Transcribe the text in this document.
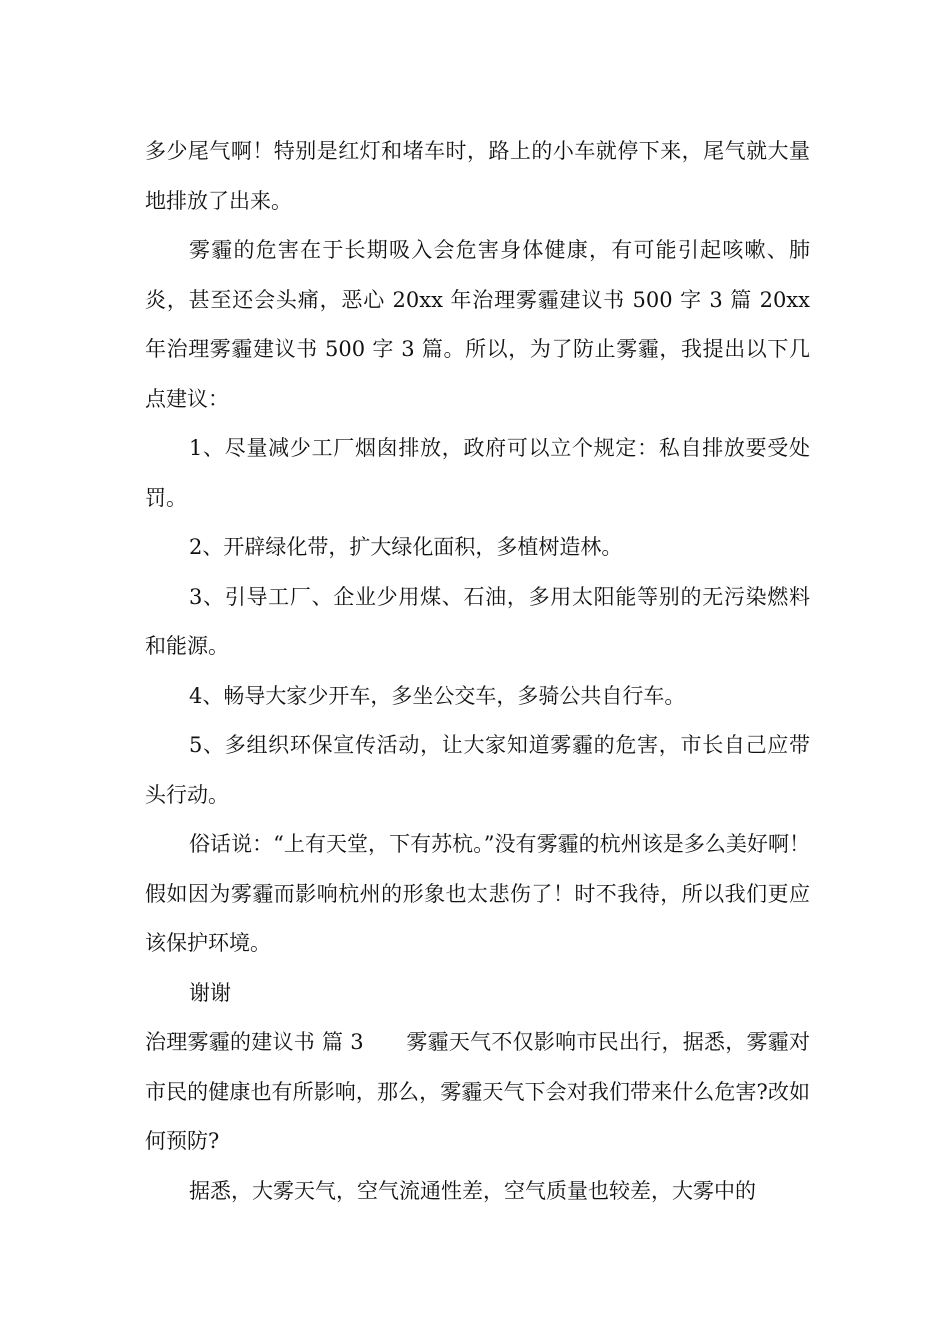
多少尾气啊！特别是红灯和堵车时，路上的小车就停下来，尾气就大量地排放了出来。

雾霾的危害在于长期吸入会危害身体健康，有可能引起咳嗽、肺炎，甚至还会头痛，恶心 20xx 年治理雾霾建议书 500 字 3 篇 20xx 年治理雾霾建议书 500 字 3 篇。所以，为了防止雾霾，我提出以下几点建议：

1、尽量减少工厂烟囱排放，政府可以立个规定：私自排放要受处罚。

2、开辟绿化带，扩大绿化面积，多植树造林。

3、引导工厂、企业少用煤、石油，多用太阳能等别的无污染燃料和能源。

4、畅导大家少开车，多坐公交车，多骑公共自行车。

5、多组织环保宣传活动，让大家知道雾霾的危害，市长自己应带头行动。

俗话说：“上有天堂，下有苏杭。”没有雾霾的杭州该是多么美好啊！假如因为雾霾而影响杭州的形象也太悲伤了！时不我待，所以我们更应该保护环境。

谢谢

治理雾霾的建议书 篇 3　　 雾霾天气不仅影响市民出行，据悉，雾霾对市民的健康也有所影响，那么，雾霾天气下会对我们带来什么危害?改如何预防?

据悉，大雾天气，空气流通性差，空气质量也较差，大雾中的
